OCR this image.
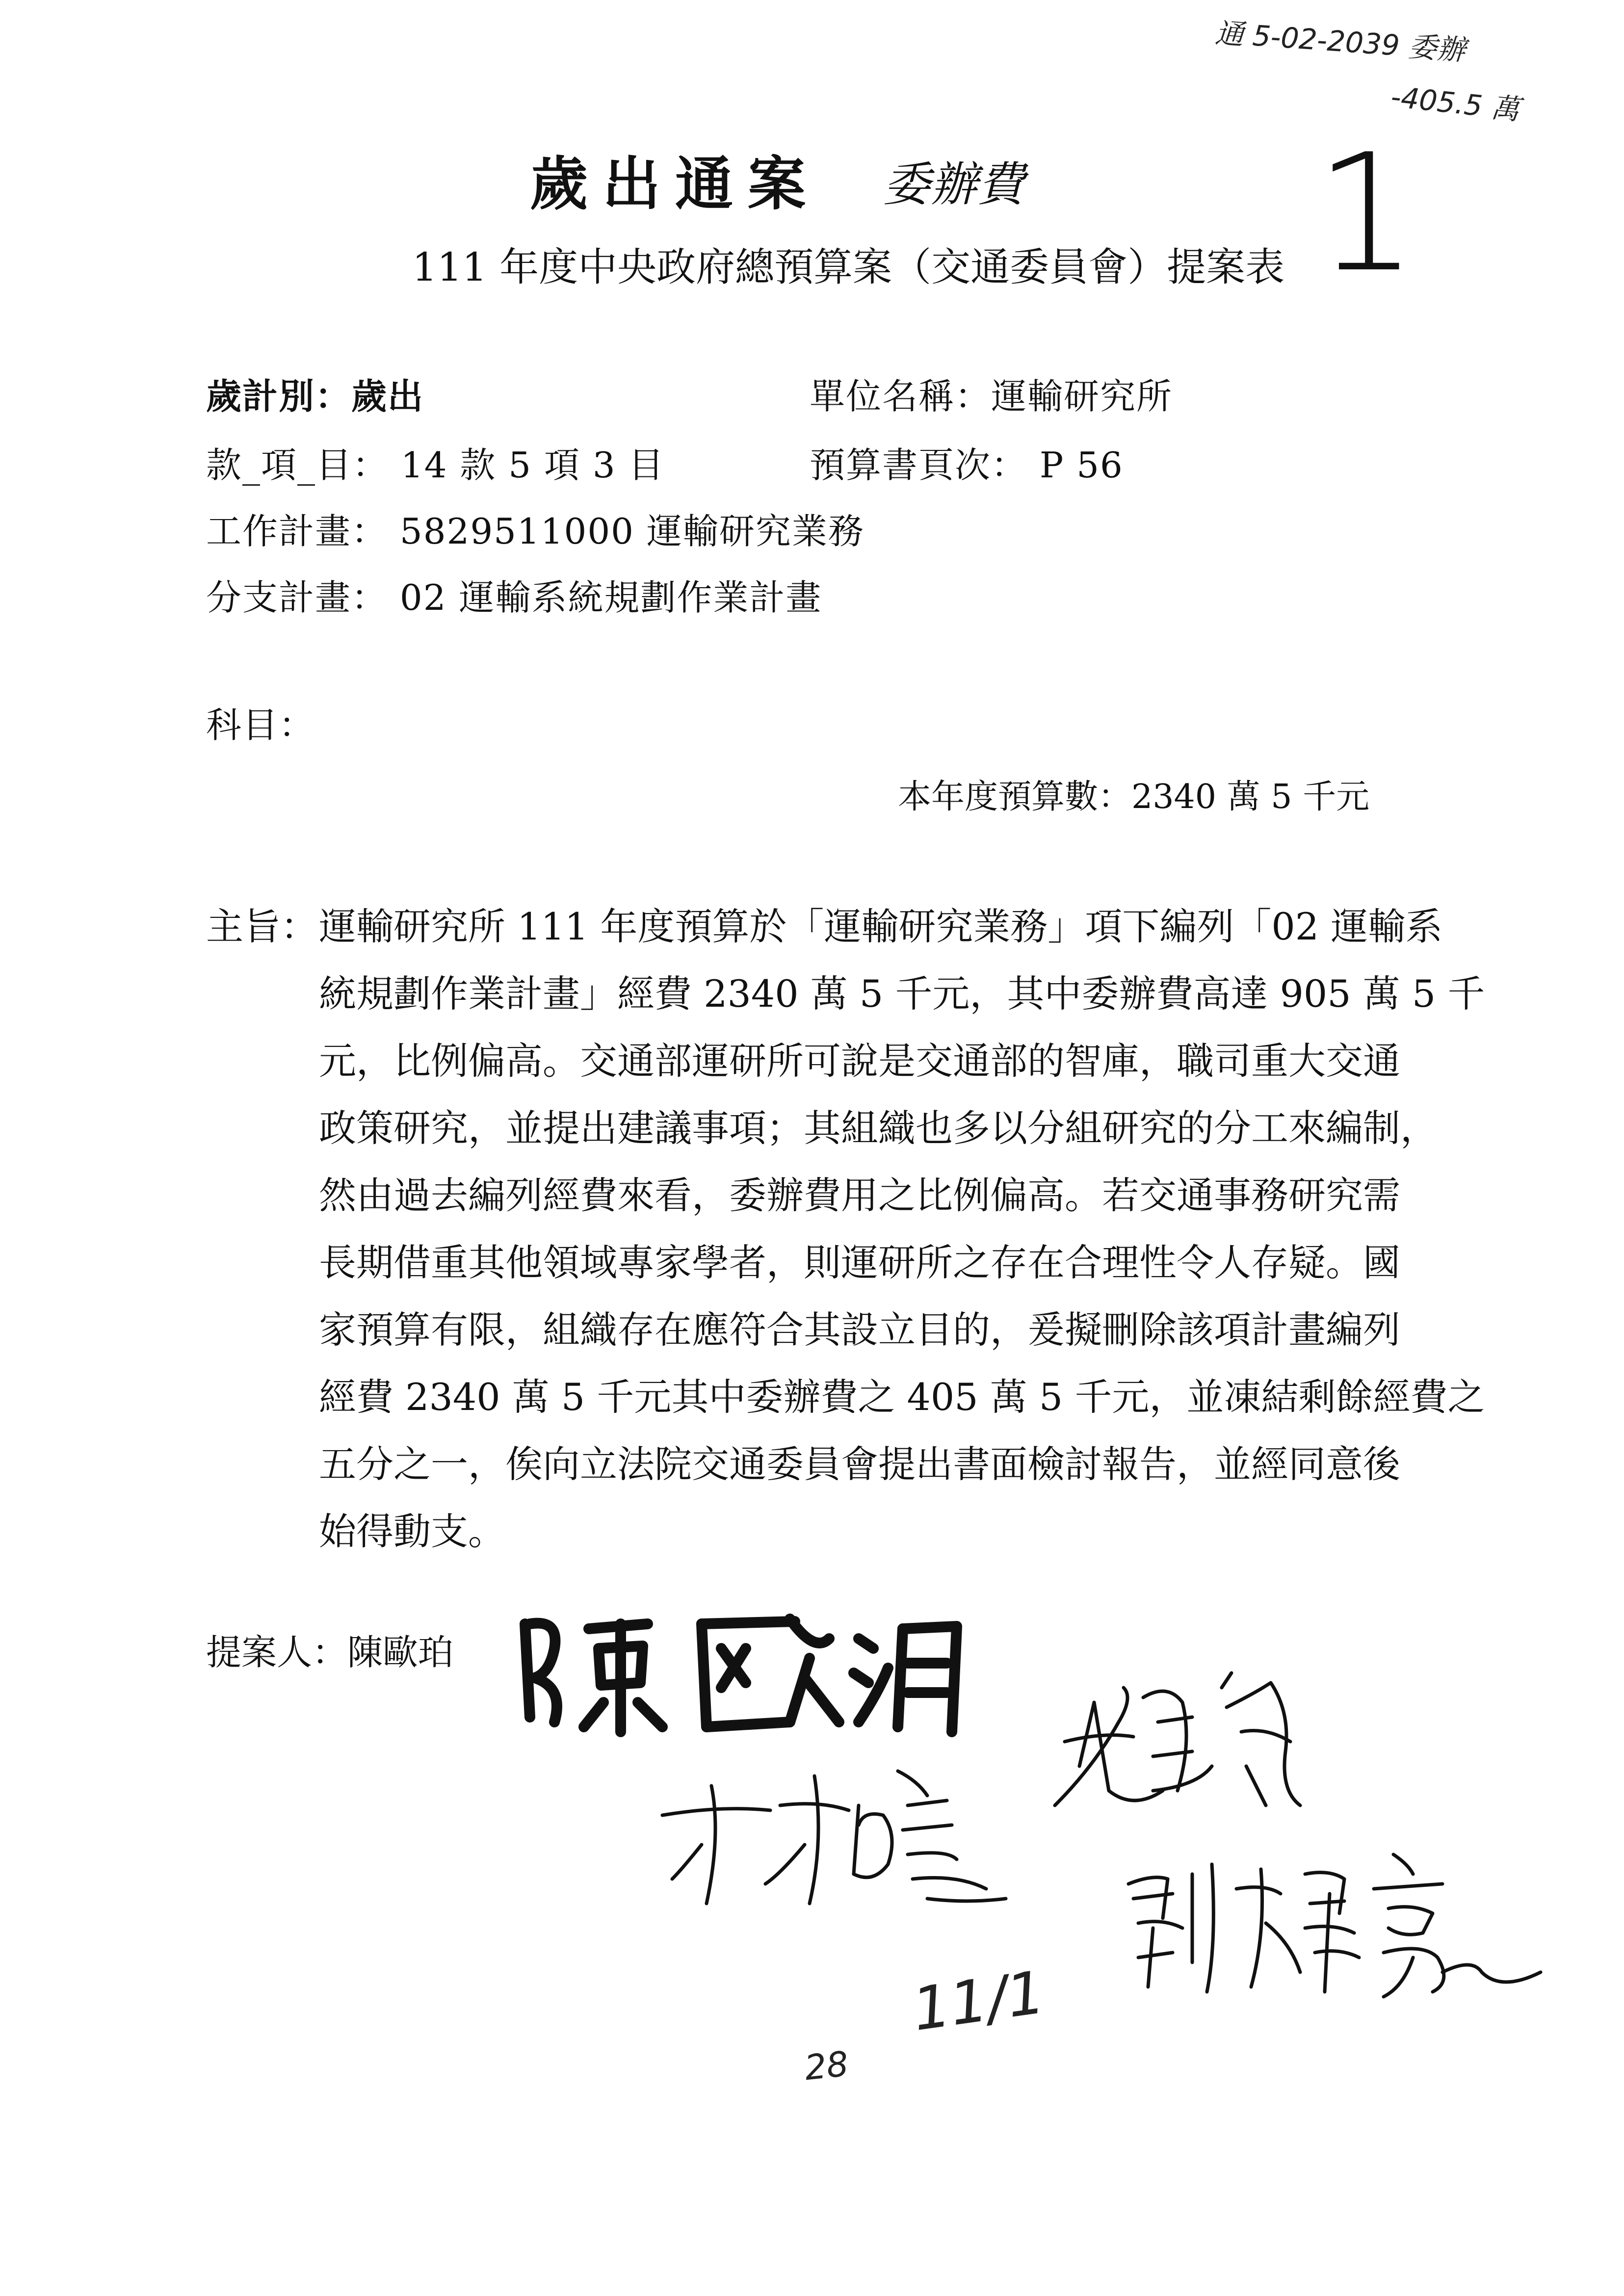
通 5-02-2039 委辦
-405.5 萬
1
歲出通案 委辦費
111 年度中央政府總預算案（交通委員會）提案表
歲計別：歲出	單位名稱：運輸研究所
款_項_目： 14 款 5 項 3 目	預算書頁次： P 56
工作計畫： 5829511000 運輸研究業務
分支計畫： 02 運輸系統規劃作業計畫
科目：
本年度預算數：2340 萬 5 千元
主旨： 運輸研究所 111 年度預算於「運輸研究業務」項下編列「02 運輸系
統規劃作業計畫」經費 2340 萬 5 千元，其中委辦費高達 905 萬 5 千
元，比例偏高。交通部運研所可說是交通部的智庫，職司重大交通
政策研究，並提出建議事項；其組織也多以分組研究的分工來編制，
然由過去編列經費來看，委辦費用之比例偏高。若交通事務研究需
長期借重其他領域專家學者，則運研所之存在合理性令人存疑。國
家預算有限，組織存在應符合其設立目的，爰擬刪除該項計畫編列
經費 2340 萬 5 千元其中委辦費之 405 萬 5 千元，並凍結剩餘經費之
五分之一，俟向立法院交通委員會提出書面檢討報告，並經同意後
始得動支。
提案人：陳歐珀
11/1
28
